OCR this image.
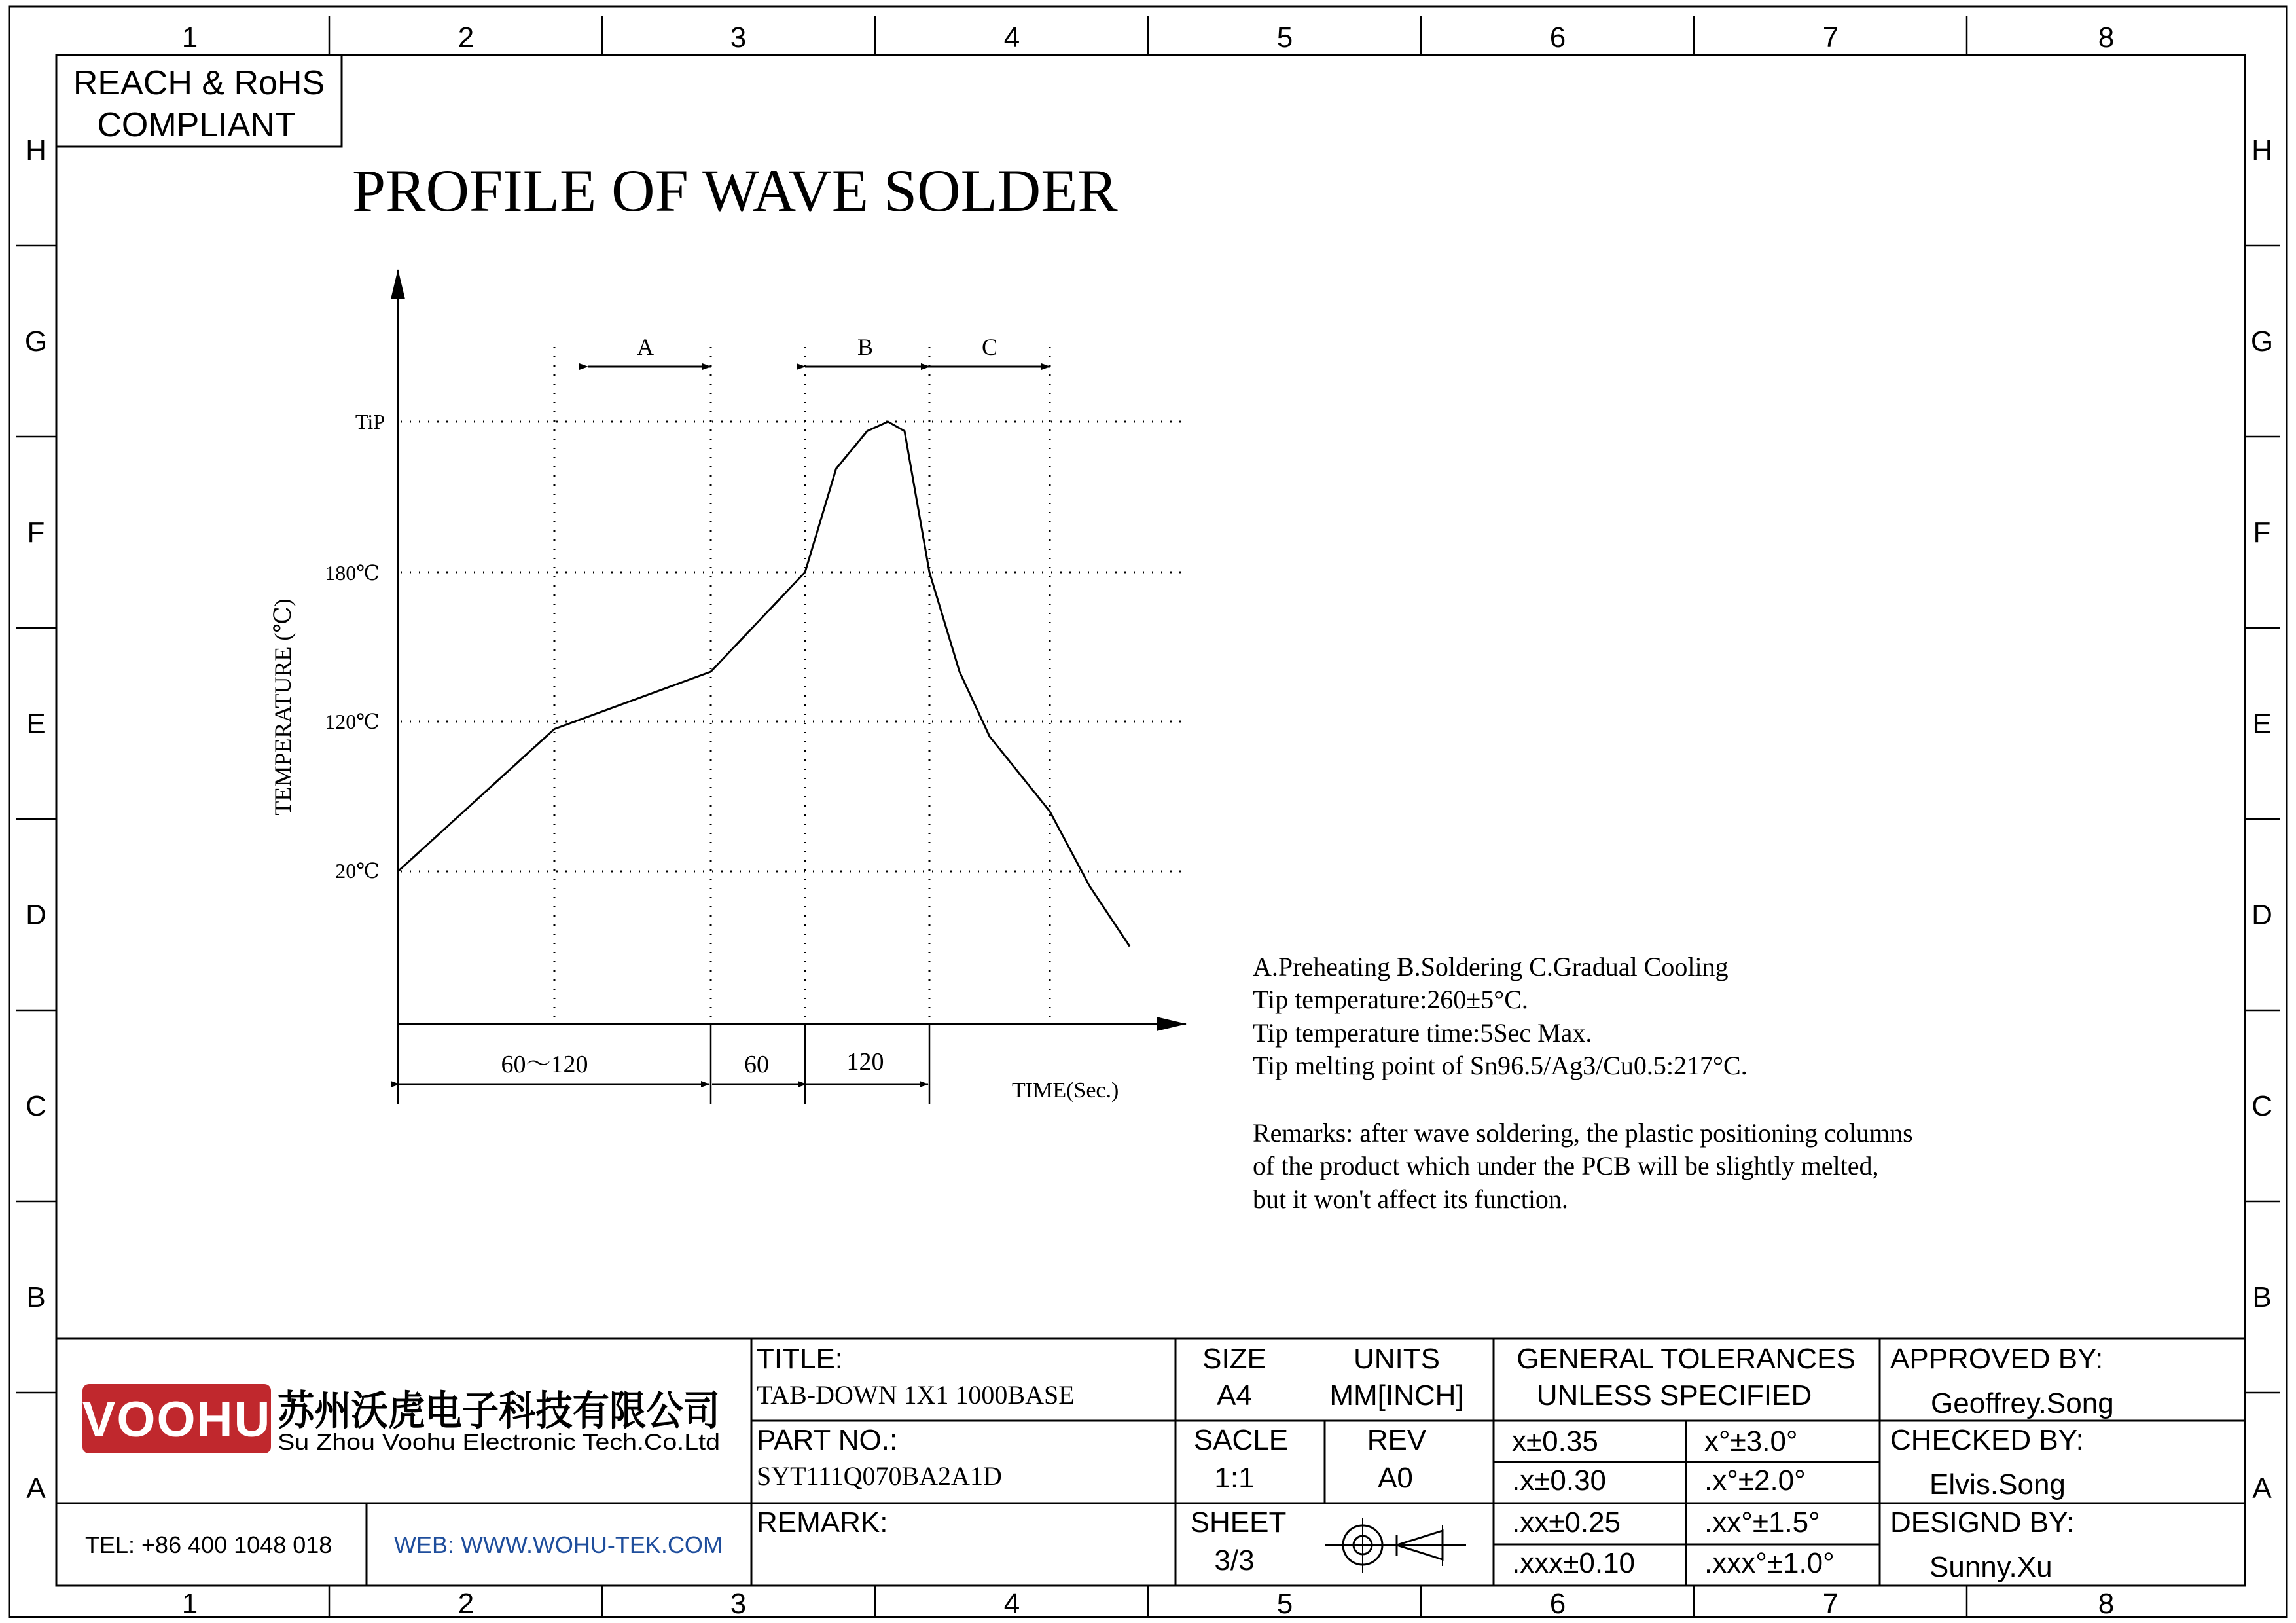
1	2	3	4	5	6	7	8
1	2	3	4	5	6	7	8
H
G
F
E
D
C
B
A
H
G
F
E
D
C
B
A
REACH & RoHS
COMPLIANT
PROFILE OF WAVE SOLDER
TiP
180℃
120℃
20℃
TEMPERATURE (℃)
A	B	C
60～120	60	120
TIME(Sec.)
A.Preheating B.Soldering C.Gradual Cooling
Tip temperature:260±5°C.
Tip temperature time:5Sec Max.
Tip melting point of Sn96.5/Ag3/Cu0.5:217°C.
Remarks: after wave soldering, the plastic positioning columns
of the product which under the PCB will be slightly melted,
but it won't affect its function.
VOOHU 苏州沃虎电子科技有限公司
Su Zhou Voohu Electronic Tech.Co.Ltd
TEL: +86 400 1048 018	WEB: WWW.WOHU-TEK.COM
TITLE:
TAB-DOWN 1X1 1000BASE
PART NO.:
SYT111Q070BA2A1D
REMARK:
SIZE
A4
UNITS
MM[INCH]
SACLE
1:1
REV
A0
SHEET
3/3
GENERAL TOLERANCES
UNLESS SPECIFIED
x±0.35	x°±3.0°
.x±0.30	.x°±2.0°
.xx±0.25	.xx°±1.5°
.xxx±0.10 .xxx°±1.0°
APPROVED BY:
Geoffrey.Song
CHECKED BY:
Elvis.Song
DESIGND BY:
Sunny.Xu
